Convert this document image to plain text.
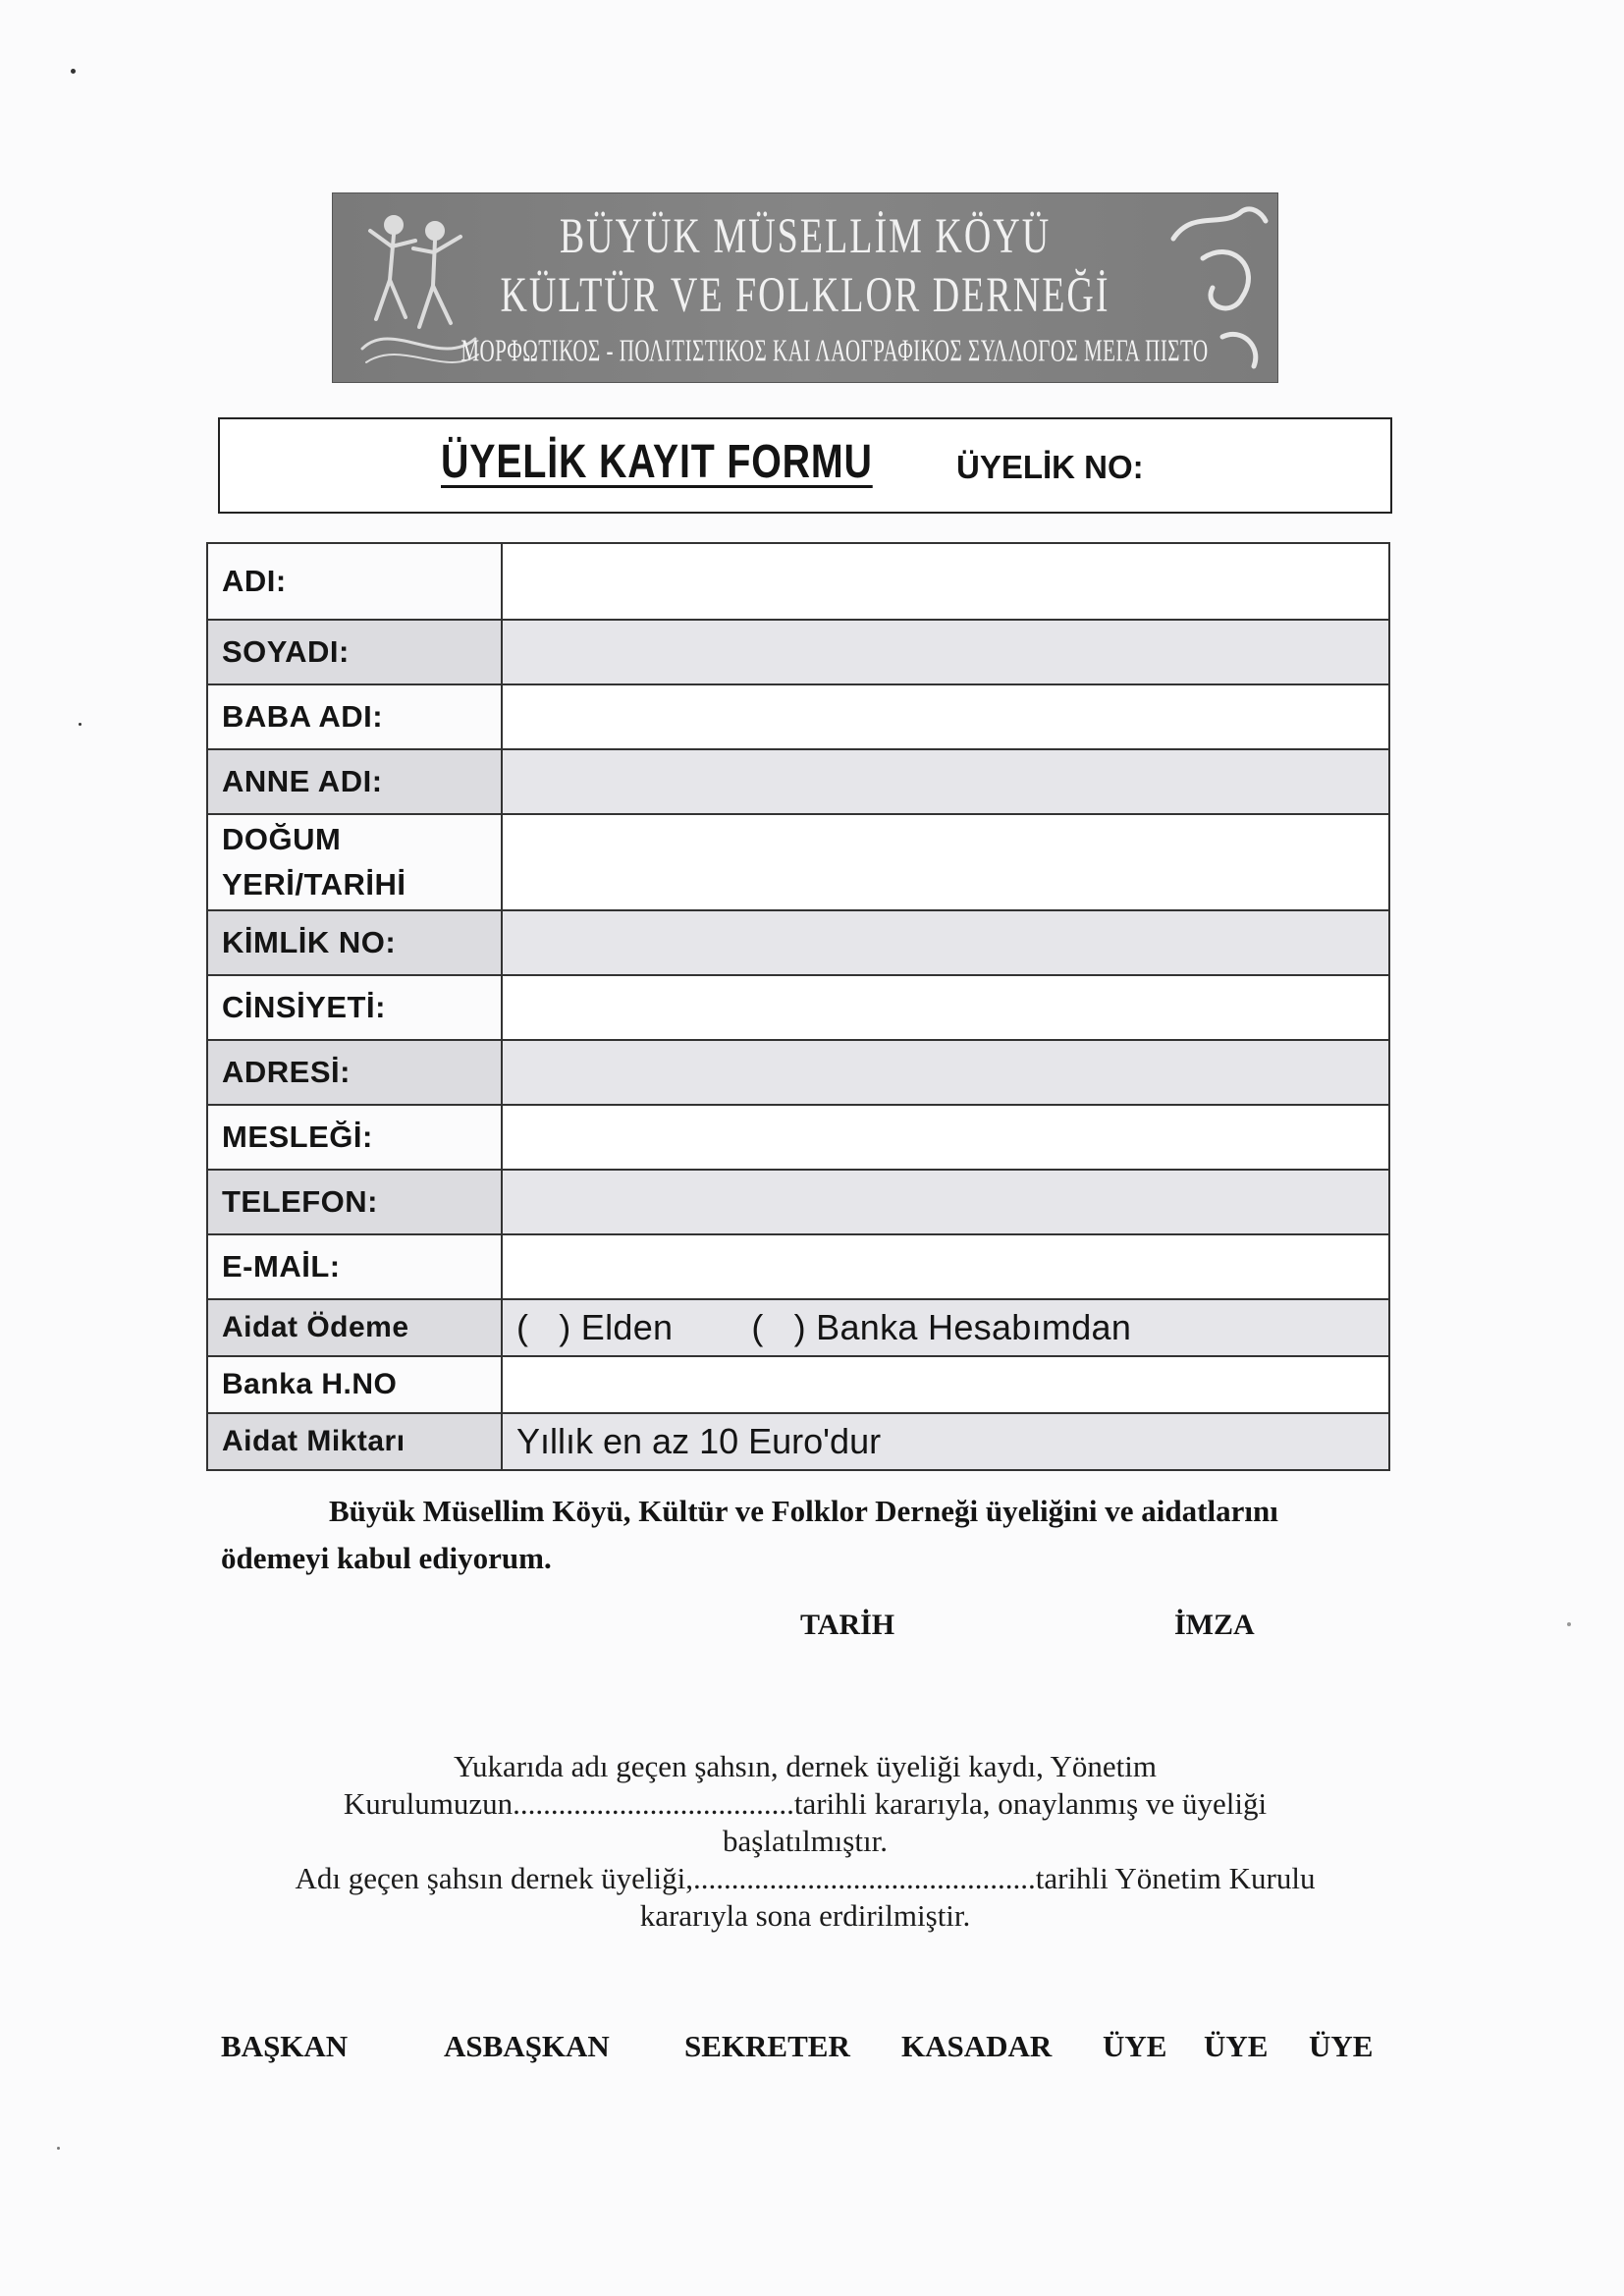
BÜYÜK MÜSELLİM KÖYÜ
KÜLTÜR VE FOLKLOR DERNEĞİ
ΜΟΡΦΩΤΙΚΟΣ - ΠΟΛΙΤΙΣΤΙΚΟΣ ΚΑΙ ΛΑΟΓΡΑΦΙΚΟΣ ΣΥΛΛΟΓΟΣ ΜΕΓΑ ΠΙΣΤΟ
ÜYELİK KAYIT FORMU	ÜYELİK NO:
ADI:	
SOYADI:	
BABA ADI:	
ANNE ADI:	
DOĞUM YERİ/TARİHİ	
KİMLİK NO:	
CİNSİYETİ:	
ADRESİ:	
MESLEĞİ:	
TELEFON:	
E-MAİL:	
Aidat Ödeme	(   ) Elden (   ) Banka Hesabımdan
Banka H.NO	
Aidat Miktarı	Yıllık en az 10 Euro'dur
Büyük Müsellim Köyü, Kültür ve Folklor Derneği üyeliğini ve aidatlarını ödemeyi kabul ediyorum.
TARİH	İMZA
Yukarıda adı geçen şahsın, dernek üyeliği kaydı, Yönetim
Kurulumuzun.....................................tarihli kararıyla, onaylanmış ve üyeliği
başlatılmıştır.
Adı geçen şahsın dernek üyeliği,.............................................tarihli Yönetim Kurulu
kararıyla sona erdirilmiştir.
BAŞKAN	ASBAŞKAN SEKRETER KASADAR ÜYE ÜYE ÜYE
